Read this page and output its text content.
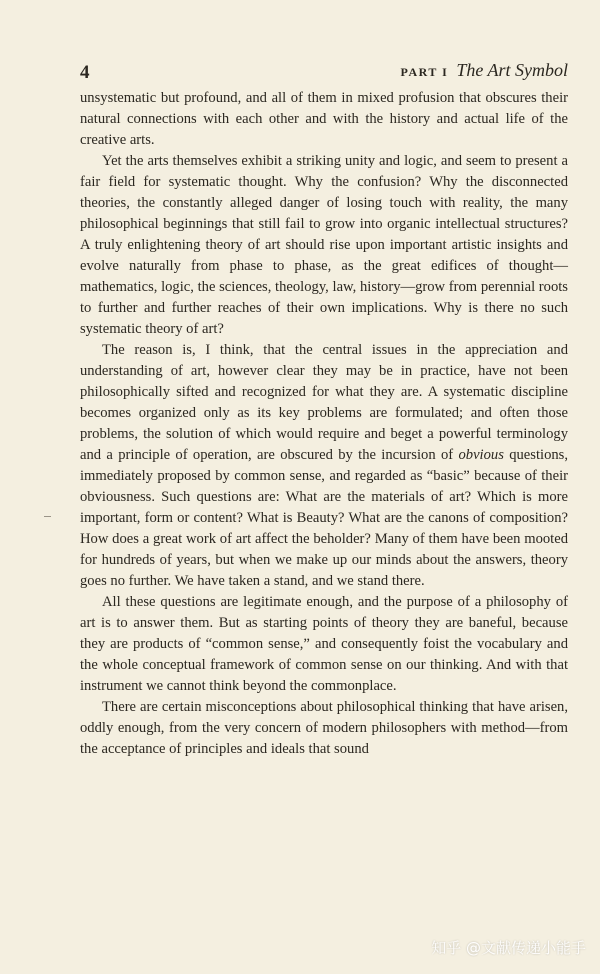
4	PART I The Art Symbol

unsystematic but profound, and all of them in mixed profusion that obscures their natural connections with each other and with the history and actual life of the creative arts.

Yet the arts themselves exhibit a striking unity and logic, and seem to present a fair field for systematic thought. Why the confusion? Why the disconnected theories, the constantly alleged danger of losing touch with reality, the many philosophical beginnings that still fail to grow into organic intellectual structures? A truly enlightening theory of art should rise upon important artistic insights and evolve naturally from phase to phase, as the great edifices of thought—mathematics, logic, the sciences, theology, law, history—grow from perennial roots to further and further reaches of their own implications. Why is there no such systematic theory of art?

The reason is, I think, that the central issues in the appreciation and understanding of art, however clear they may be in practice, have not been philosophically sifted and recognized for what they are. A systematic discipline becomes organized only as its key problems are formulated; and often those problems, the solution of which would require and beget a powerful terminology and a principle of operation, are obscured by the incursion of obvious questions, immediately proposed by common sense, and regarded as “basic” because of their obviousness. Such questions are: What are the materials of art? Which is more important, form or content? What is Beauty? What are the canons of composition? How does a great work of art affect the beholder? Many of them have been mooted for hundreds of years, but when we make up our minds about the answers, theory goes no further. We have taken a stand, and we stand there.

All these questions are legitimate enough, and the purpose of a philosophy of art is to answer them. But as starting points of theory they are baneful, because they are products of “common sense,” and consequently foist the vocabulary and the whole conceptual framework of common sense on our thinking. And with that instrument we cannot think beyond the commonplace.

There are certain misconceptions about philosophical thinking that have arisen, oddly enough, from the very concern of modern philosophers with method—from the acceptance of principles and ideals that sound

知乎 @文献传递小能手
